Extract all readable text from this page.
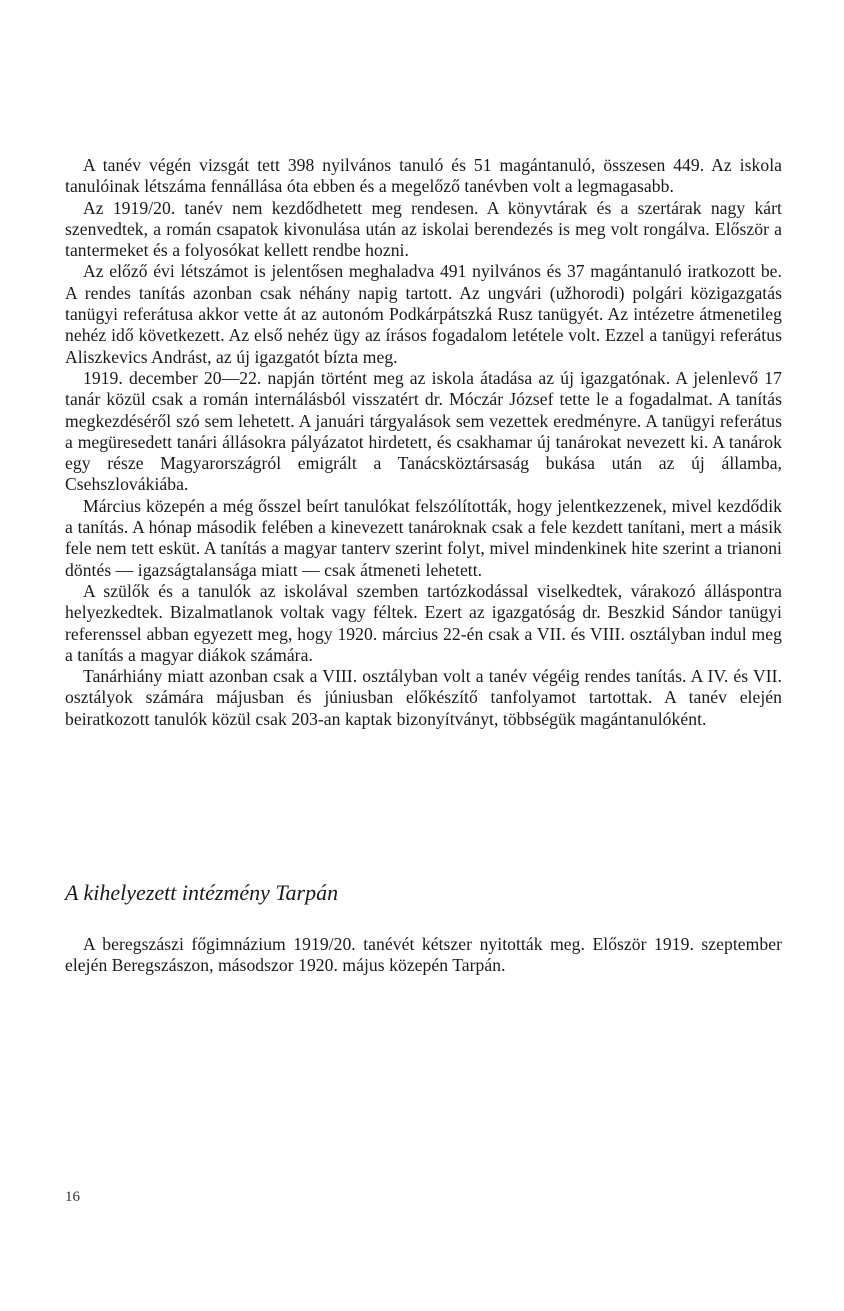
A tanév végén vizsgát tett 398 nyilvános tanuló és 51 magántanuló, összesen 449. Az iskola tanulóinak létszáma fennállása óta ebben és a megelőző tanévben volt a legmagasabb.

Az 1919/20. tanév nem kezdődhetett meg rendesen. A könyvtárak és a szertárak nagy kárt szenvedtek, a román csapatok kivonulása után az iskolai berendezés is meg volt rongálva. Először a tantermeket és a folyosókat kellett rendbe hozni.

Az előző évi létszámot is jelentősen meghaladva 491 nyilvános és 37 magántanuló iratkozott be. A rendes tanítás azonban csak néhány napig tartott. Az ungvári (užhorodi) polgári közigazgatás tanügyi referátusa akkor vette át az autonóm Podkárpátszká Rusz tanügyét. Az intézetre átmenetileg nehéz idő következett. Az első nehéz ügy az írásos fogadalom letétele volt. Ezzel a tanügyi referátus Aliszkevics Andrást, az új igazgatót bízta meg.

1919. december 20—22. napján történt meg az iskola átadása az új igazgatónak. A jelenlevő 17 tanár közül csak a román internálásból visszatért dr. Móczár József tette le a fogadalmat. A tanítás megkezdéséről szó sem lehetett. A januári tárgyalások sem vezettek eredményre. A tanügyi referátus a megüresedett tanári állásokra pályázatot hirdetett, és csakhamar új tanárokat nevezett ki. A tanárok egy része Magyarországról emigrált a Tanácsköztársaság bukása után az új államba, Csehszlovákiába.

Március közepén a még ősszel beírt tanulókat felszólították, hogy jelentkezzenek, mivel kezdődik a tanítás. A hónap második felében a kinevezett tanároknak csak a fele kezdett tanítani, mert a másik fele nem tett esküt. A tanítás a magyar tanterv szerint folyt, mivel mindenkinek hite szerint a trianoni döntés — igazságtalansága miatt — csak átmeneti lehetett.

A szülők és a tanulók az iskolával szemben tartózkodással viselkedtek, várakozó álláspontra helyezkedtek. Bizalmatlanok voltak vagy féltek. Ezert az igazgatóság dr. Beszkid Sándor tanügyi referenssel abban egyezett meg, hogy 1920. március 22-én csak a VII. és VIII. osztályban indul meg a tanítás a magyar diákok számára.

Tanárhiány miatt azonban csak a VIII. osztályban volt a tanév végéig rendes tanítás. A IV. és VII. osztályok számára májusban és júniusban előkészítő tanfolyamot tartottak. A tanév elején beiratkozott tanulók közül csak 203-an kaptak bizonyítványt, többségük magántanulóként.

A kihelyezett intézmény Tarpán

A beregszászi főgimnázium 1919/20. tanévét kétszer nyitották meg. Először 1919. szeptember elején Beregszászon, másodszor 1920. május közepén Tarpán.

16
